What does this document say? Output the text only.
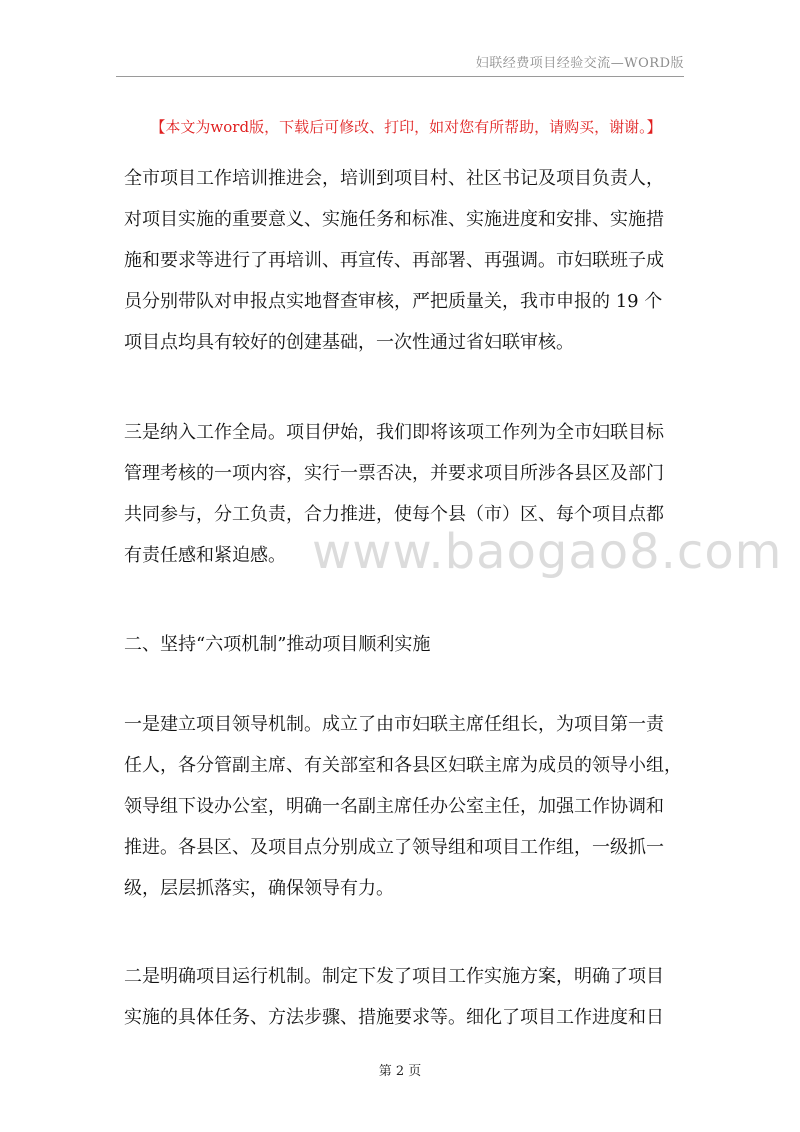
妇联经费项目经验交流—WORD版
【本文为word版，下载后可修改、打印，如对您有所帮助，请购买，谢谢。】
www.baogao8.com

全市项目工作培训推进会，培训到项目村、社区书记及项目负责人，

对项目实施的重要意义、实施任务和标准、实施进度和安排、实施措

施和要求等进行了再培训、再宣传、再部署、再强调。市妇联班子成

员分别带队对申报点实地督查审核，严把质量关，我市申报的 19 个

项目点均具有较好的创建基础，一次性通过省妇联审核。

三是纳入工作全局。项目伊始，我们即将该项工作列为全市妇联目标

管理考核的一项内容，实行一票否决，并要求项目所涉各县区及部门

共同参与，分工负责，合力推进，使每个县（市）区、每个项目点都

有责任感和紧迫感。

二、坚持“六项机制”推动项目顺利实施

一是建立项目领导机制。成立了由市妇联主席任组长，为项目第一责

任人，各分管副主席、有关部室和各县区妇联主席为成员的领导小组，

领导组下设办公室，明确一名副主席任办公室主任，加强工作协调和

推进。各县区、及项目点分别成立了领导组和项目工作组，一级抓一

级，层层抓落实，确保领导有力。

二是明确项目运行机制。制定下发了项目工作实施方案，明确了项目

实施的具体任务、方法步骤、措施要求等。细化了项目工作进度和日

第 2 页
